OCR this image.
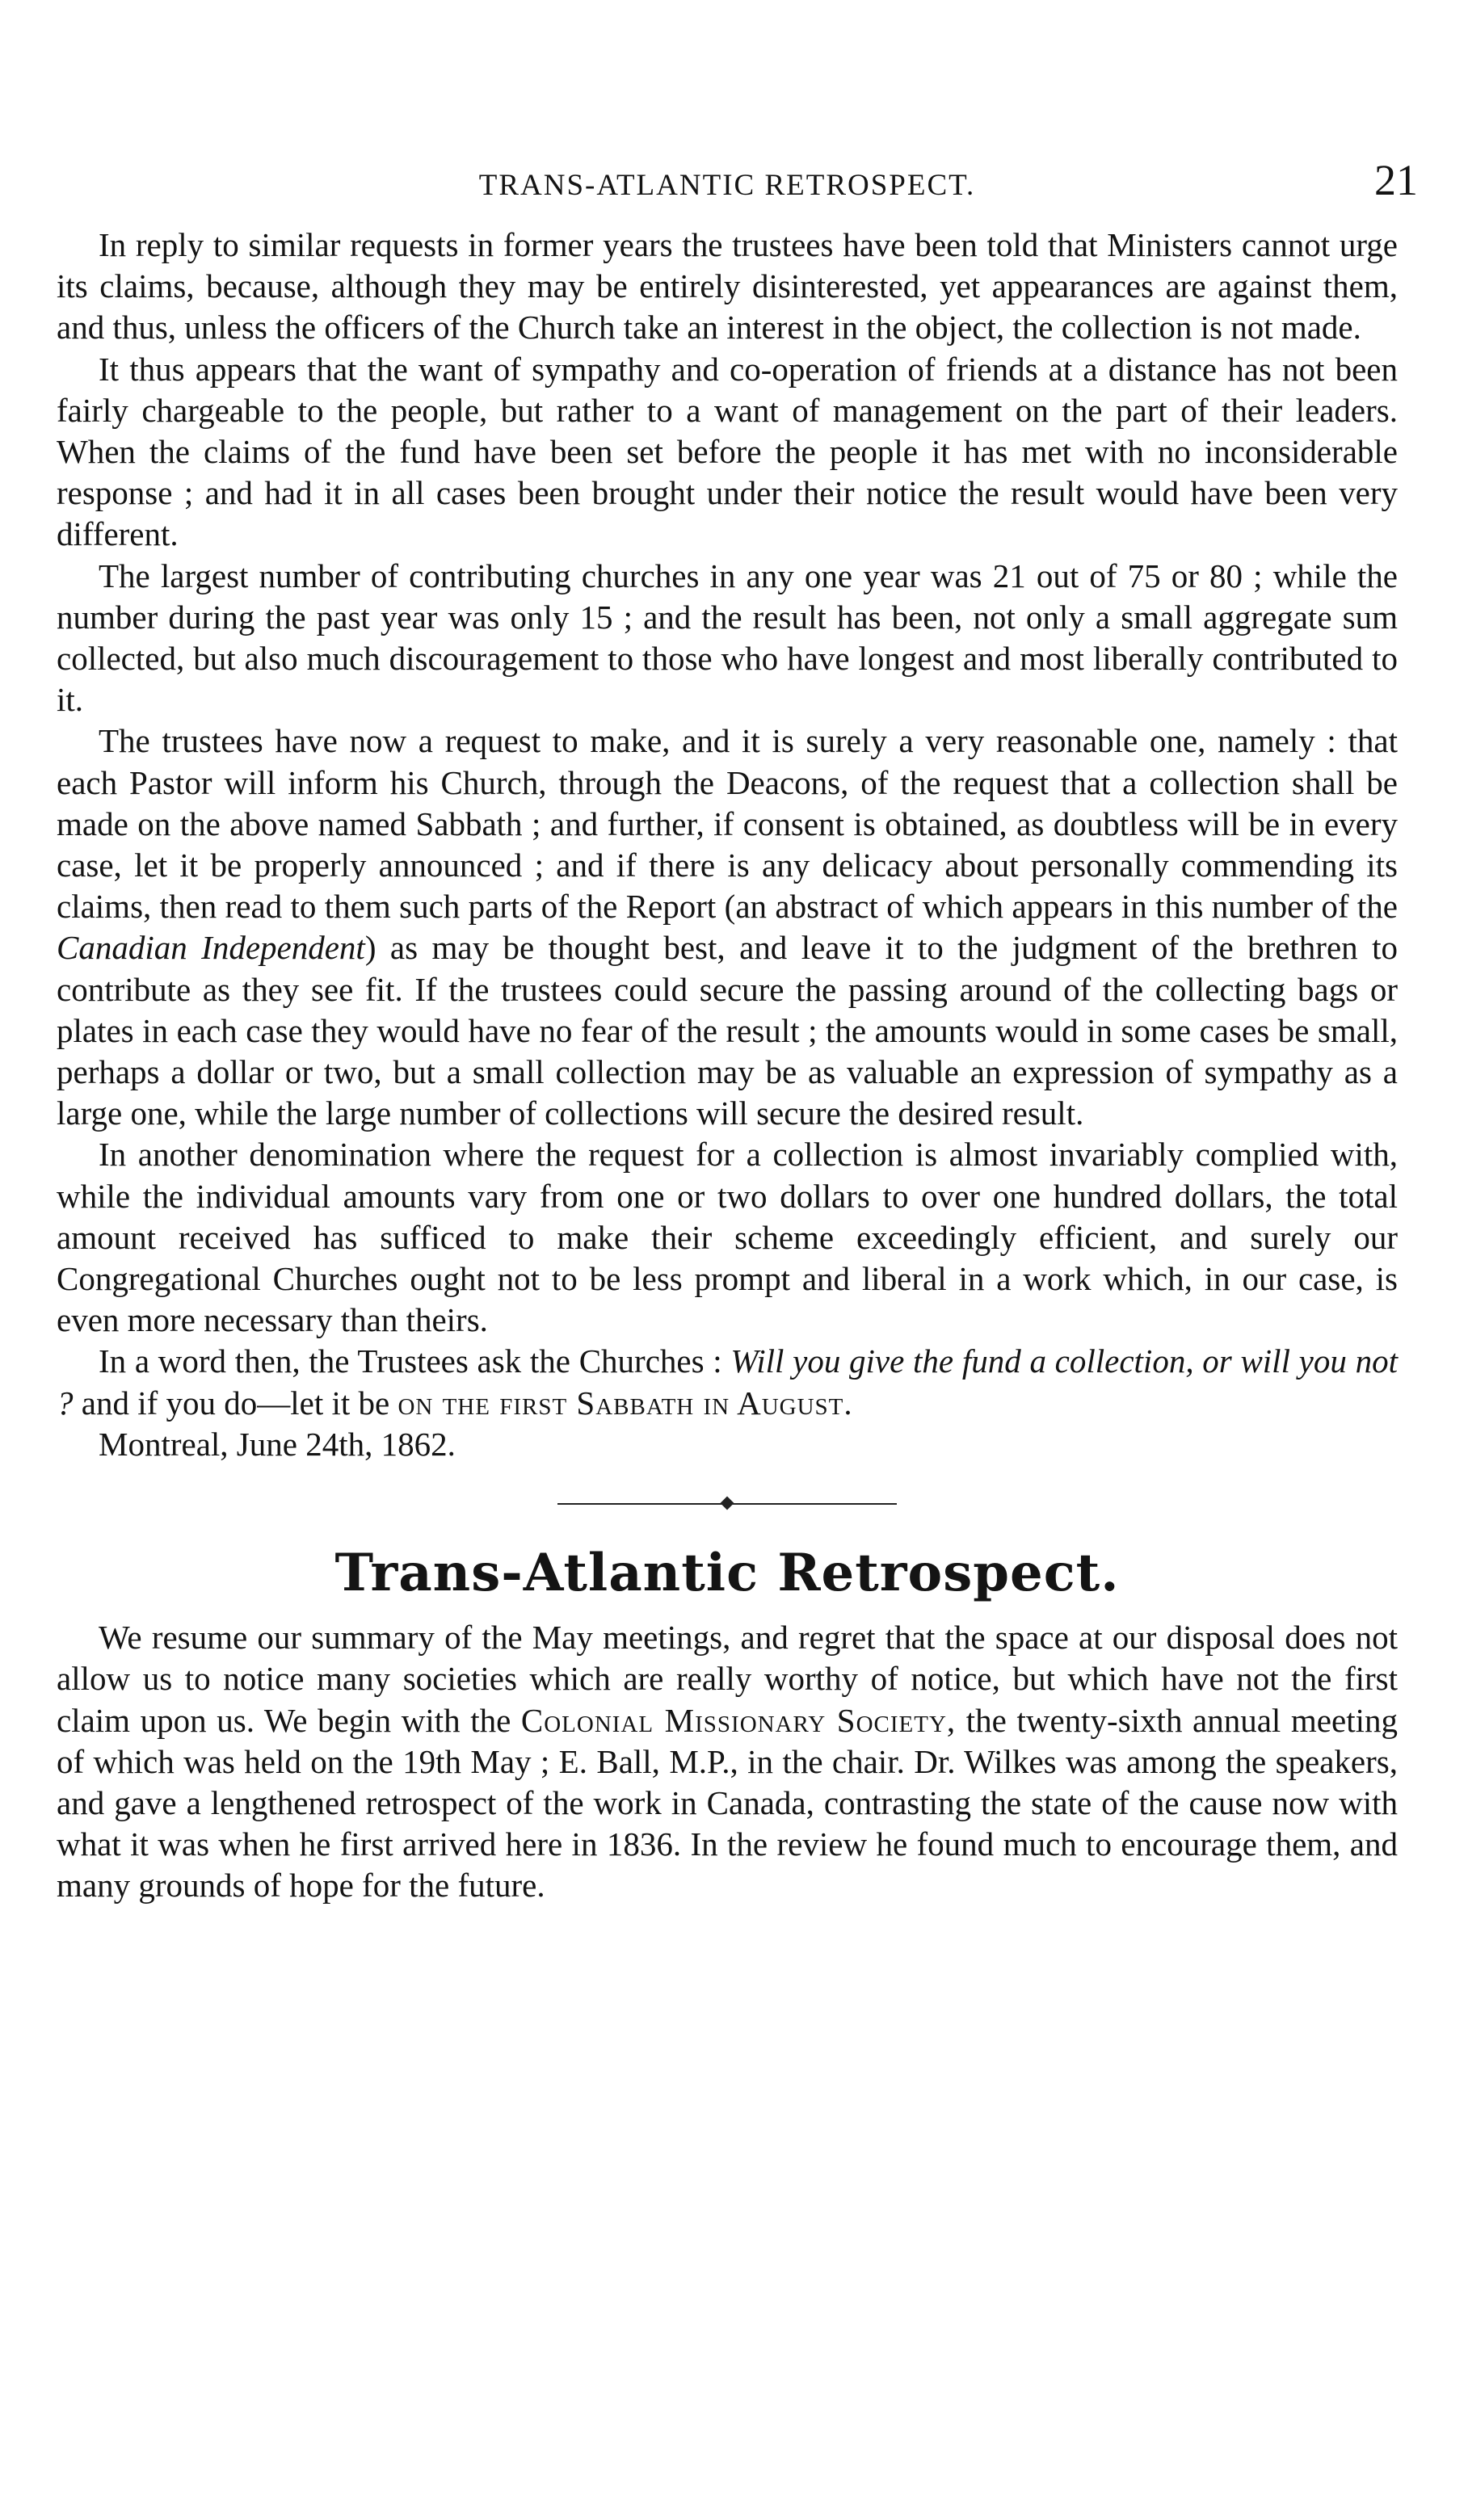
TRANS-ATLANTIC RETROSPECT.	21

In reply to similar requests in former years the trustees have been told that Ministers cannot urge its claims, because, although they may be entirely disinterested, yet appearances are against them, and thus, unless the officers of the Church take an interest in the object, the collection is not made.

It thus appears that the want of sympathy and co-operation of friends at a distance has not been fairly chargeable to the people, but rather to a want of management on the part of their leaders. When the claims of the fund have been set before the people it has met with no inconsiderable response ; and had it in all cases been brought under their notice the result would have been very different.

The largest number of contributing churches in any one year was 21 out of 75 or 80 ; while the number during the past year was only 15 ; and the result has been, not only a small aggregate sum collected, but also much discouragement to those who have longest and most liberally contributed to it.

The trustees have now a request to make, and it is surely a very reasonable one, namely : that each Pastor will inform his Church, through the Deacons, of the request that a collection shall be made on the above named Sabbath ; and further, if consent is obtained, as doubtless will be in every case, let it be properly announced ; and if there is any delicacy about personally commending its claims, then read to them such parts of the Report (an abstract of which appears in this number of the Canadian Independent) as may be thought best, and leave it to the judgment of the brethren to contribute as they see fit. If the trustees could secure the passing around of the collecting bags or plates in each case they would have no fear of the result ; the amounts would in some cases be small, perhaps a dollar or two, but a small collection may be as valuable an expression of sympathy as a large one, while the large number of collections will secure the desired result.

In another denomination where the request for a collection is almost invariably complied with, while the individual amounts vary from one or two dollars to over one hundred dollars, the total amount received has sufficed to make their scheme exceedingly efficient, and surely our Congregational Churches ought not to be less prompt and liberal in a work which, in our case, is even more necessary than theirs.

In a word then, the Trustees ask the Churches : Will you give the fund a collection, or will you not ? and if you do—let it be on the first Sabbath in August.

Montreal, June 24th, 1862.

Trans-Atlantic Retrospect.

We resume our summary of the May meetings, and regret that the space at our disposal does not allow us to notice many societies which are really worthy of notice, but which have not the first claim upon us. We begin with the Colonial Missionary Society, the twenty-sixth annual meeting of which was held on the 19th May ; E. Ball, M.P., in the chair. Dr. Wilkes was among the speakers, and gave a lengthened retrospect of the work in Canada, contrasting the state of the cause now with what it was when he first arrived here in 1836. In the review he found much to encourage them, and many grounds of hope for the future.
